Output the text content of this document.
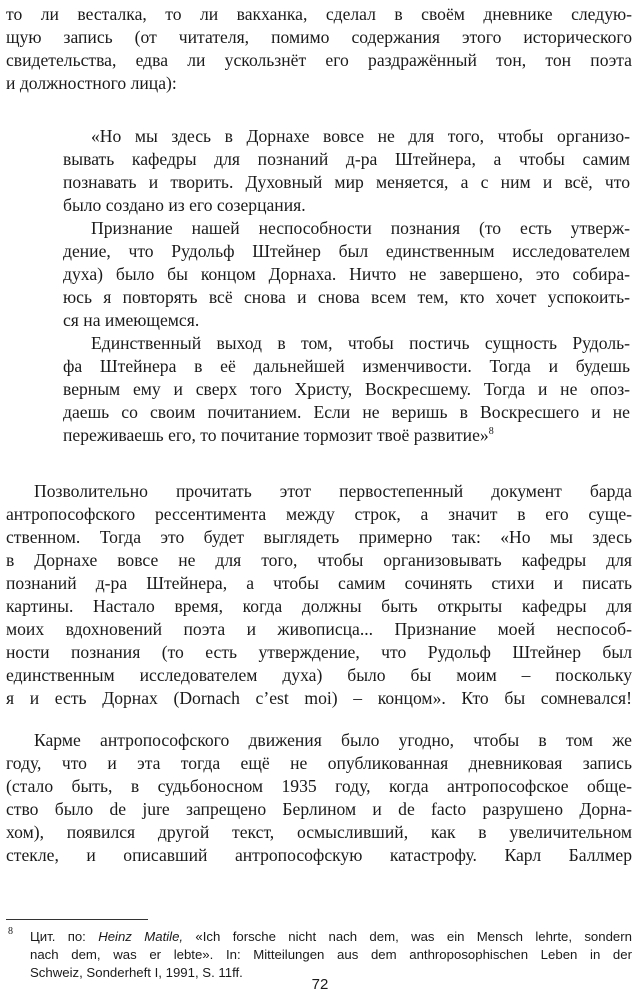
то ли весталка, то ли вакханка, сделал в своём дневнике следую-
щую запись (от читателя, помимо содержания этого исторического
свидетельства, едва ли ускользнёт его раздражённый тон, тон поэта
и должностного лица):
«Но мы здесь в Дорнахе вовсе не для того, чтобы организо-
вывать кафедры для познаний д-ра Штейнера, а чтобы самим
познавать и творить. Духовный мир меняется, а с ним и всё, что
было создано из его созерцания.
Признание нашей неспособности познания (то есть утверж-
дение, что Рудольф Штейнер был единственным исследователем
духа) было бы концом Дорнаха. Ничто не завершено, это собира-
юсь я повторять всё снова и снова всем тем, кто хочет успокоить-
ся на имеющемся.
Единственный выход в том, чтобы постичь сущность Рудоль-
фа Штейнера в её дальнейшей изменчивости. Тогда и будешь
верным ему и сверх того Христу, Воскресшему. Тогда и не опоз-
даешь со своим почитанием. Если не веришь в Воскресшего и не
переживаешь его, то почитание тормозит твоё развитие»$^8$
Позволительно прочитать этот первостепенный документ барда
антропософского рессентимента между строк, а значит в его суще-
ственном. Тогда это будет выглядеть примерно так: «Но мы здесь
в Дорнахе вовсе не для того, чтобы организовывать кафедры для
познаний д-ра Штейнера, а чтобы самим сочинять стихи и писать
картины. Настало время, когда должны быть открыты кафедры для
моих вдохновений поэта и живописца... Признание моей неспособ-
ности познания (то есть утверждение, что Рудольф Штейнер был
единственным исследователем духа) было бы моим – поскольку
я и есть Дорнах (Dornach c’est moi) – концом». Кто бы сомневался!
Карме антропософского движения было угодно, чтобы в том же
году, что и эта тогда ещё не опубликованная дневниковая запись
(стало быть, в судьбоносном 1935 году, когда антропософское обще-
ство было de jure запрещено Берлином и de facto разрушено Дорна-
хом), появился другой текст, осмысливший, как в увеличительном
стекле, и описавший антропософскую катастрофу. Карл Баллмер
8 Цит. по: Heinz Matile, «Ich forsche nicht nach dem, was ein Mensch lehrte, sondern
nach dem, was er lebte». In: Mitteilungen aus dem anthroposophischen Leben in der
Schweiz, Sonderheft I, 1991, S. 11ff.
72
